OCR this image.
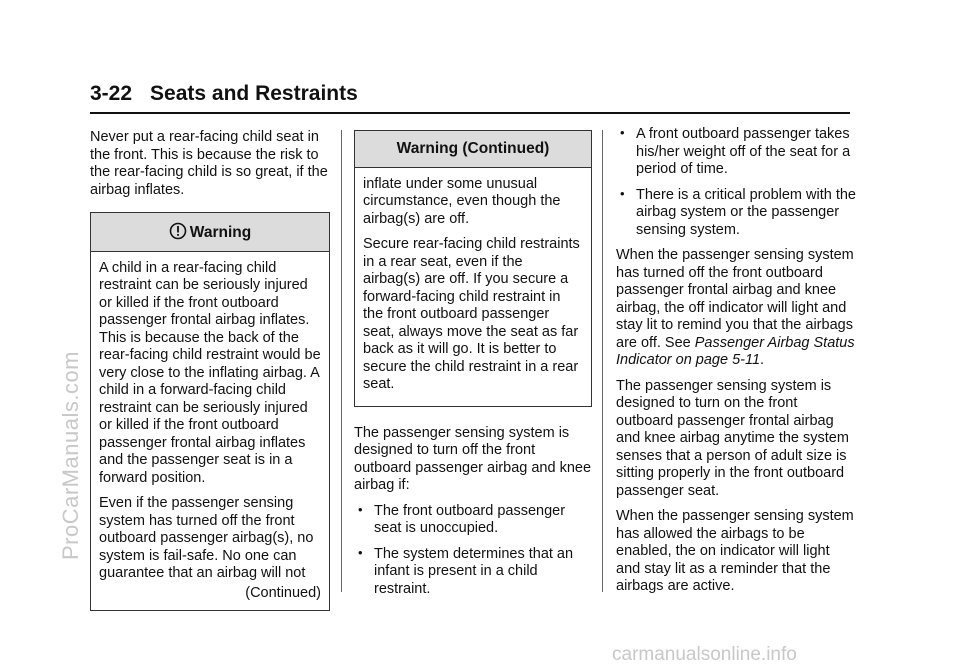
3-22 Seats and Restraints

Never put a rear-facing child seat in the front. This is because the risk to the rear-facing child is so great, if the airbag inflates.

Warning

A child in a rear-facing child restraint can be seriously injured or killed if the front outboard passenger frontal airbag inflates. This is because the back of the rear-facing child restraint would be very close to the inflating airbag. A child in a forward-facing child restraint can be seriously injured or killed if the front outboard passenger frontal airbag inflates and the passenger seat is in a forward position.

Even if the passenger sensing system has turned off the front outboard passenger airbag(s), no system is fail-safe. No one can guarantee that an airbag will not

(Continued)
Warning (Continued)

inflate under some unusual circumstance, even though the airbag(s) are off.

Secure rear-facing child restraints in a rear seat, even if the airbag(s) are off. If you secure a forward-facing child restraint in the front outboard passenger seat, always move the seat as far back as it will go. It is better to secure the child restraint in a rear seat.

The passenger sensing system is designed to turn off the front outboard passenger airbag and knee airbag if:

• The front outboard passenger seat is unoccupied.
• The system determines that an infant is present in a child restraint.
• A front outboard passenger takes his/her weight off of the seat for a period of time.
• There is a critical problem with the airbag system or the passenger sensing system.

When the passenger sensing system has turned off the front outboard passenger frontal airbag and knee airbag, the off indicator will light and stay lit to remind you that the airbags are off. See Passenger Airbag Status Indicator on page 5-11.

The passenger sensing system is designed to turn on the front outboard passenger frontal airbag and knee airbag anytime the system senses that a person of adult size is sitting properly in the front outboard passenger seat.

When the passenger sensing system has allowed the airbags to be enabled, the on indicator will light and stay lit as a reminder that the airbags are active.

ProCarManuals.com
carmanualsonline.info
